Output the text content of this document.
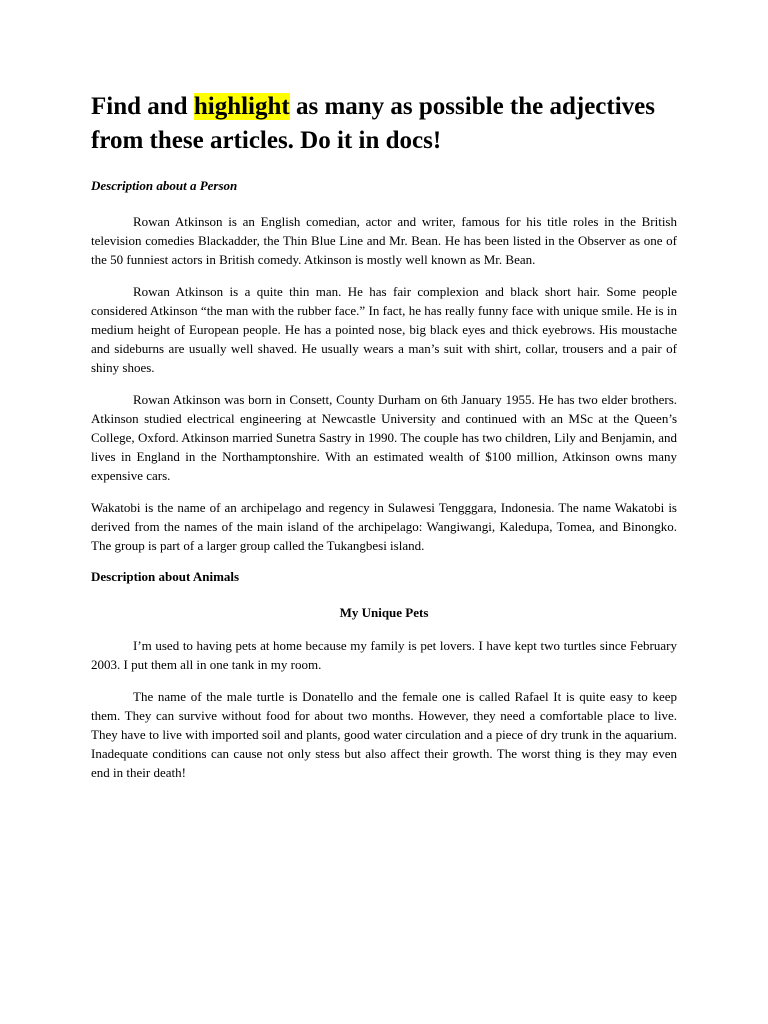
Find and highlight as many as possible the adjectives from these articles. Do it in docs!
Description about a Person

Rowan Atkinson is an English comedian, actor and writer, famous for his title roles in the British television comedies Blackadder, the Thin Blue Line and Mr. Bean. He has been listed in the Observer as one of the 50 funniest actors in British comedy. Atkinson is mostly well known as Mr. Bean.

Rowan Atkinson is a quite thin man. He has fair complexion and black short hair. Some people considered Atkinson “the man with the rubber face.” In fact, he has really funny face with unique smile. He is in medium height of European people. He has a pointed nose, big black eyes and thick eyebrows. His moustache and sideburns are usually well shaved. He usually wears a man’s suit with shirt, collar, trousers and a pair of shiny shoes.

Rowan Atkinson was born in Consett, County Durham on 6th January 1955. He has two elder brothers. Atkinson studied electrical engineering at Newcastle University and continued with an MSc at the Queen’s College, Oxford. Atkinson married Sunetra Sastry in 1990. The couple has two children, Lily and Benjamin, and lives in England in the Northamptonshire. With an estimated wealth of $100 million, Atkinson owns many expensive cars.

Wakatobi is the name of an archipelago and regency in Sulawesi Tengggara, Indonesia. The name Wakatobi is derived from the names of the main island of the archipelago: Wangiwangi, Kaledupa, Tomea, and Binongko. The group is part of a larger group called the Tukangbesi island.

Description about Animals
My Unique Pets

I’m used to having pets at home because my family is pet lovers. I have kept two turtles since February 2003. I put them all in one tank in my room.

The name of the male turtle is Donatello and the female one is called Rafael It is quite easy to keep them. They can survive without food for about two months. However, they need a comfortable place to live. They have to live with imported soil and plants, good water circulation and a piece of dry trunk in the aquarium. Inadequate conditions can cause not only stess but also affect their growth. The worst thing is they may even end in their death!
